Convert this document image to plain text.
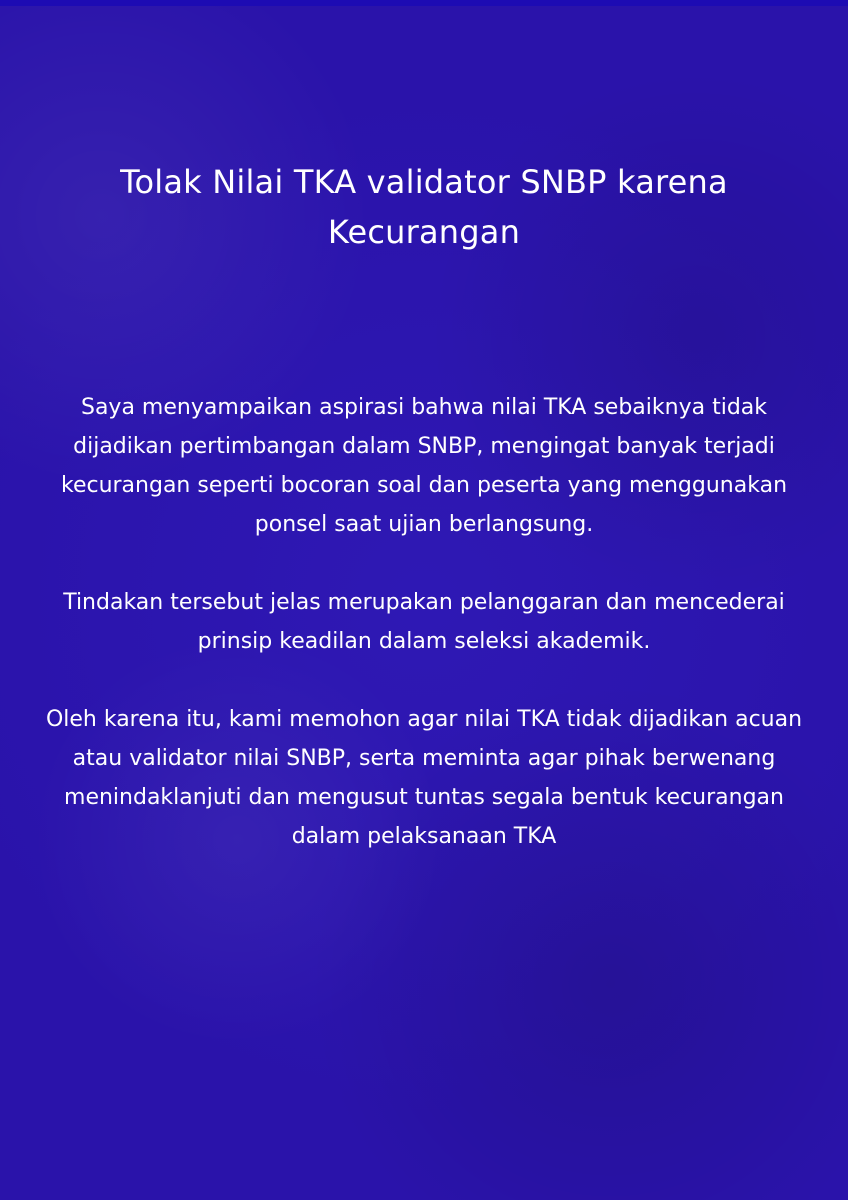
Tolak Nilai TKA validator SNBP karena
Kecurangan

Saya menyampaikan aspirasi bahwa nilai TKA sebaiknya tidak dijadikan pertimbangan dalam SNBP, mengingat banyak terjadi kecurangan seperti bocoran soal dan peserta yang menggunakan ponsel saat ujian berlangsung.

Tindakan tersebut jelas merupakan pelanggaran dan mencederai prinsip keadilan dalam seleksi akademik.

Oleh karena itu, kami memohon agar nilai TKA tidak dijadikan acuan atau validator nilai SNBP, serta meminta agar pihak berwenang menindaklanjuti dan mengusut tuntas segala bentuk kecurangan dalam pelaksanaan TKA
